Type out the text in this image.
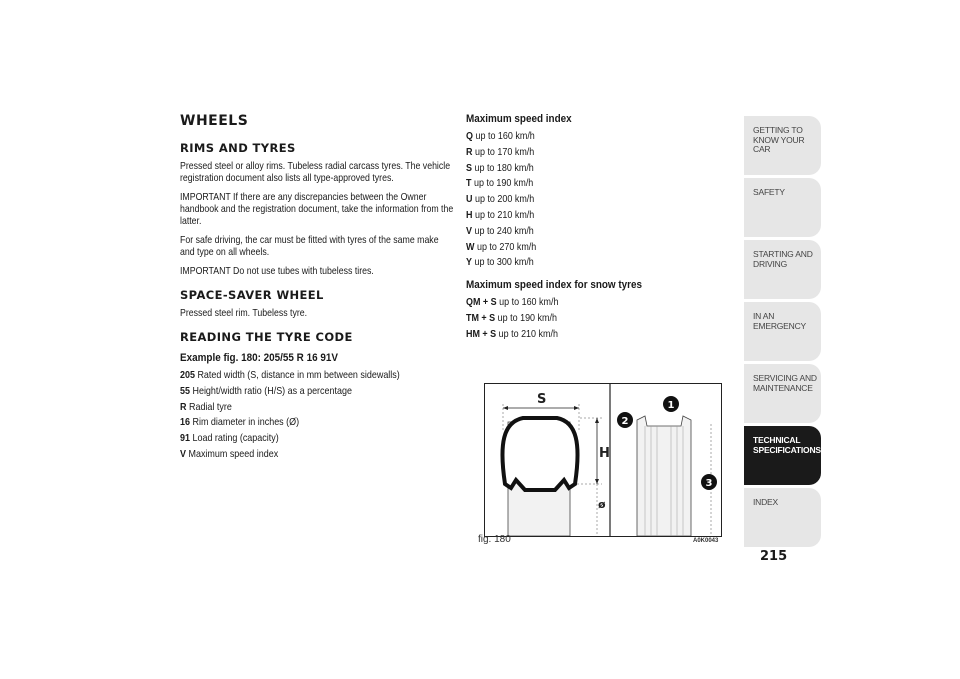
WHEELS
RIMS AND TYRES
Pressed steel or alloy rims. Tubeless radial carcass tyres. The vehicle registration document also lists all type-approved tyres.
IMPORTANT If there are any discrepancies between the Owner handbook and the registration document, take the information from the latter.
For safe driving, the car must be fitted with tyres of the same make and type on all wheels.
IMPORTANT Do not use tubes with tubeless tires.
SPACE-SAVER WHEEL
Pressed steel rim. Tubeless tyre.
READING THE TYRE CODE
Example fig. 180: 205/55 R 16 91V
205 Rated width (S, distance in mm between sidewalls)
55 Height/width ratio (H/S) as a percentage
R Radial tyre
16 Rim diameter in inches (Ø)
91 Load rating (capacity)
V Maximum speed index
Maximum speed index
Q up to 160 km/h
R up to 170 km/h
S up to 180 km/h
T up to 190 km/h
U up to 200 km/h
H up to 210 km/h
V up to 240 km/h
W up to 270 km/h
Y up to 300 km/h
Maximum speed index for snow tyres
QM + S up to 160 km/h
TM + S up to 190 km/h
HM + S up to 210 km/h
S
H
ø
1
2
3
fig. 180	A0K0043
GETTING TO KNOW YOUR CAR
SAFETY
STARTING AND DRIVING
IN AN EMERGENCY
SERVICING AND MAINTENANCE
TECHNICAL SPECIFICATIONS
INDEX
215
